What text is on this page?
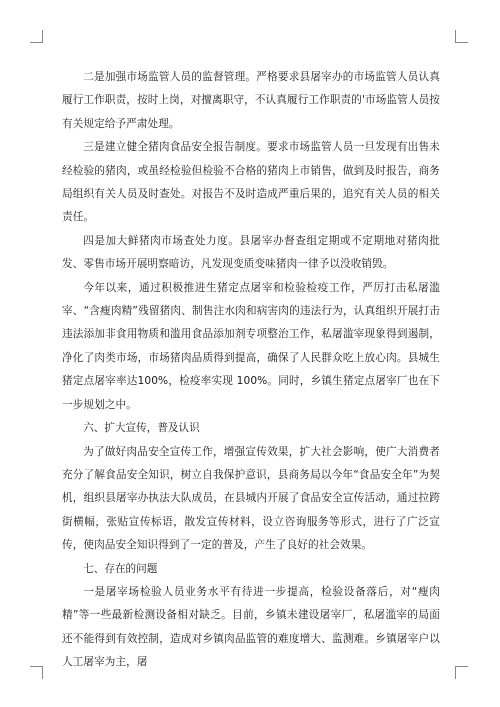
二是加强市场监管人员的监督管理。严格要求县屠宰办的市场监管人员认真履行工作职责，按时上岗，对擅离职守，不认真履行工作职责的'市场监管人员按有关规定给予严肃处理。

三是建立健全猪肉食品安全报告制度。要求市场监管人员一旦发现有出售未经检验的猪肉，或虽经检验但检验不合格的猪肉上市销售，做到及时报告，商务局组织有关人员及时查处。对报告不及时造成严重后果的，追究有关人员的相关责任。

四是加大鲜猪肉市场查处力度。县屠宰办督查组定期或不定期地对猪肉批发、零售市场开展明察暗访，凡发现变质变味猪肉一律予以没收销毁。

今年以来，通过积极推进生猪定点屠宰和检验检疫工作，严厉打击私屠滥宰、“含瘦肉精”残留猪肉、制售注水肉和病害肉的违法行为，认真组织开展打击违法添加非食用物质和滥用食品添加剂专项整治工作，私屠滥宰现象得到遏制，净化了肉类市场，市场猪肉品质得到提高，确保了人民群众吃上放心肉。县城生猪定点屠宰率达100%，检疫率实现 100%。同时，乡镇生猪定点屠宰厂也在下一步规划之中。

六、扩大宣传，普及认识

为了做好肉品安全宣传工作，增强宣传效果，扩大社会影响，使广大消费者充分了解食品安全知识，树立自我保护意识，县商务局以今年“食品安全年”为契机，组织县屠宰办执法大队成员，在县城内开展了食品安全宣传活动，通过拉跨街横幅，张贴宣传标语，散发宣传材料，设立咨询服务等形式，进行了广泛宣传，使肉品安全知识得到了一定的普及，产生了良好的社会效果。

七、存在的问题

一是屠宰场检验人员业务水平有待进一步提高，检验设备落后，对“瘦肉精”等一些最新检测设备相对缺乏。目前，乡镇未建设屠宰厂，私屠滥宰的局面还不能得到有效控制，造成对乡镇肉品监管的难度增大、监测难。乡镇屠宰户以人工屠宰为主，屠
